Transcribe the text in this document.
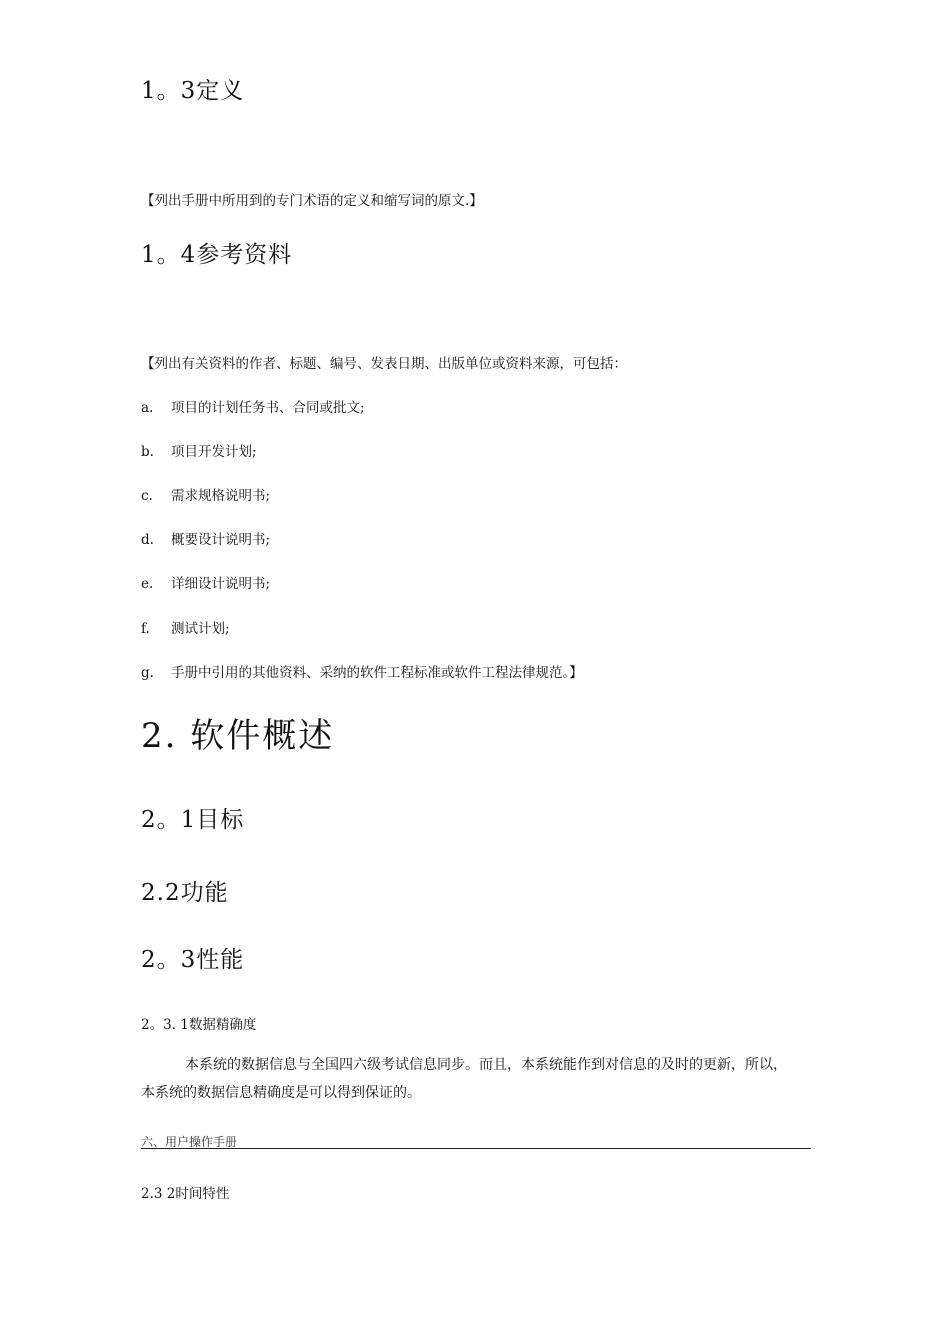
1。3定义
【列出手册中所用到的专门术语的定义和缩写词的原文.】
1。4参考资料
【列出有关资料的作者、标题、编号、发表日期、出版单位或资料来源，可包括：
a. 项目的计划任务书、合同或批文;
b. 项目开发计划;
c. 需求规格说明书;
d. 概要设计说明书;
e. 详细设计说明书;
f. 测试计划;
g. 手册中引用的其他资料、采纳的软件工程标准或软件工程法律规范。】
2. 软件概述
2。1目标
2.2功能
2。3性能
2。3. 1数据精确度
本系统的数据信息与全国四六级考试信息同步。而且，本系统能作到对信息的及时的更新，所以，本系统的数据信息精确度是可以得到保证的。
六、用户操作手册
2.3 2时间特性
